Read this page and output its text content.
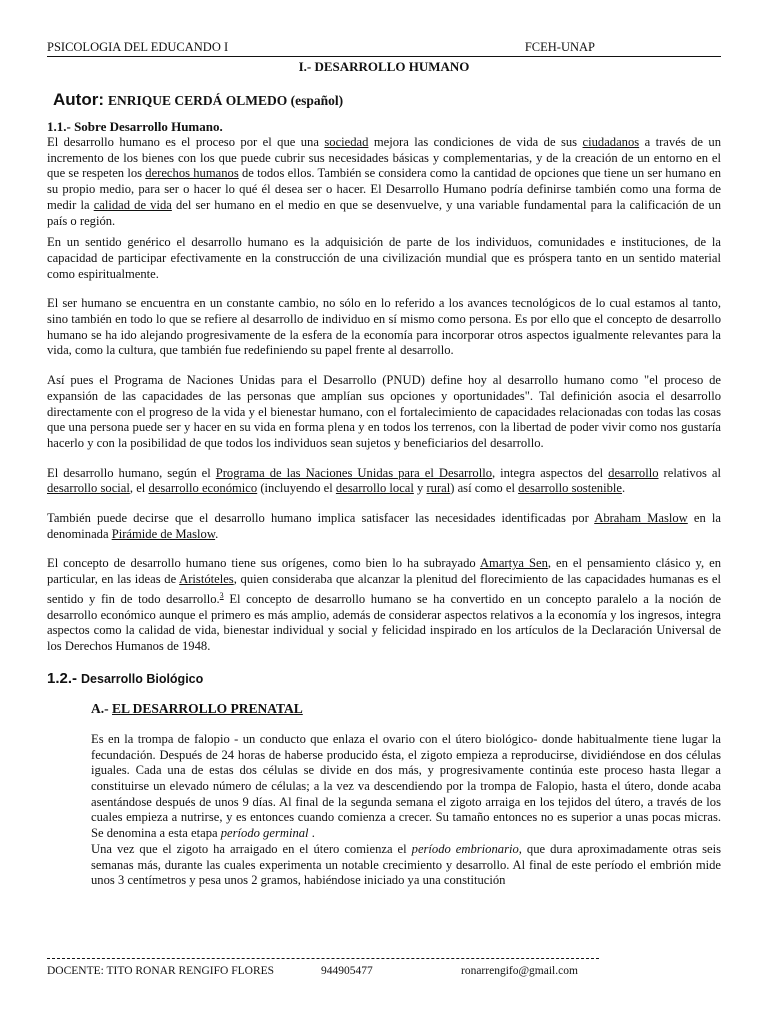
PSICOLOGIA DEL EDUCANDO I	FCEH-UNAP
I.- DESARROLLO HUMANO
Autor: ENRIQUE CERDÁ OLMEDO (español)
1.1.- Sobre Desarrollo Humano.

El desarrollo humano es el proceso por el que una sociedad mejora las condiciones de vida de sus ciudadanos a través de un incremento de los bienes con los que puede cubrir sus necesidades básicas y complementarias, y de la creación de un entorno en el que se respeten los derechos humanos de todos ellos. También se considera como la cantidad de opciones que tiene un ser humano en su propio medio, para ser o hacer lo qué él desea ser o hacer. El Desarrollo Humano podría definirse también como una forma de medir la calidad de vida del ser humano en el medio en que se desenvuelve, y una variable fundamental para la calificación de un país o región.

En un sentido genérico el desarrollo humano es la adquisición de parte de los individuos, comunidades e instituciones, de la capacidad de participar efectivamente en la construcción de una civilización mundial que es próspera tanto en un sentido material como espiritualmente.

El ser humano se encuentra en un constante cambio, no sólo en lo referido a los avances tecnológicos de lo cual estamos al tanto, sino también en todo lo que se refiere al desarrollo de individuo en sí mismo como persona. Es por ello que el concepto de desarrollo humano se ha ido alejando progresivamente de la esfera de la economía para incorporar otros aspectos igualmente relevantes para la vida, como la cultura, que también fue redefiniendo su papel frente al desarrollo.

Así pues el Programa de Naciones Unidas para el Desarrollo (PNUD) define hoy al desarrollo humano como "el proceso de expansión de las capacidades de las personas que amplían sus opciones y oportunidades". Tal definición asocia el desarrollo directamente con el progreso de la vida y el bienestar humano, con el fortalecimiento de capacidades relacionadas con todas las cosas que una persona puede ser y hacer en su vida en forma plena y en todos los terrenos, con la libertad de poder vivir como nos gustaría hacerlo y con la posibilidad de que todos los individuos sean sujetos y beneficiarios del desarrollo.

El desarrollo humano, según el Programa de las Naciones Unidas para el Desarrollo, integra aspectos del desarrollo relativos al desarrollo social, el desarrollo económico (incluyendo el desarrollo local y rural) así como el desarrollo sostenible.

También puede decirse que el desarrollo humano implica satisfacer las necesidades identificadas por Abraham Maslow en la denominada Pirámide de Maslow.

El concepto de desarrollo humano tiene sus orígenes, como bien lo ha subrayado Amartya Sen, en el pensamiento clásico y, en particular, en las ideas de Aristóteles, quien consideraba que alcanzar la plenitud del florecimiento de las capacidades humanas es el sentido y fin de todo desarrollo.$^3$ El concepto de desarrollo humano se ha convertido en un concepto paralelo a la noción de desarrollo económico aunque el primero es más amplio, además de considerar aspectos relativos a la economía y los ingresos, integra aspectos como la calidad de vida, bienestar individual y social y felicidad inspirado en los artículos de la Declaración Universal de los Derechos Humanos de 1948.

1.2.- Desarrollo Biológico
A.- EL DESARROLLO PRENATAL

Es en la trompa de falopio - un conducto que enlaza el ovario con el útero biológico- donde habitualmente tiene lugar la fecundación. Después de 24 horas de haberse producido ésta, el zigoto empieza a reproducirse, dividiéndose en dos células iguales. Cada una de estas dos células se divide en dos más, y progresivamente continúa este proceso hasta llegar a constituirse un elevado número de células; a la vez va descendiendo por la trompa de Falopio, hasta el útero, donde acaba asentándose después de unos 9 días. Al final de la segunda semana el zigoto arraiga en los tejidos del útero, a través de los cuales empieza a nutrirse, y es entonces cuando comienza a crecer. Su tamaño entonces no es superior a unas pocas micras. Se denomina a esta etapa período germinal .

Una vez que el zigoto ha arraigado en el útero comienza el período embrionario, que dura aproximadamente otras seis semanas más, durante las cuales experimenta un notable crecimiento y desarrollo. Al final de este período el embrión mide unos 3 centímetros y pesa unos 2 gramos, habiéndose iniciado ya una constitución

DOCENTE: TITO RONAR RENGIFO FLORES	944905477	ronarrengifo@gmail.com
